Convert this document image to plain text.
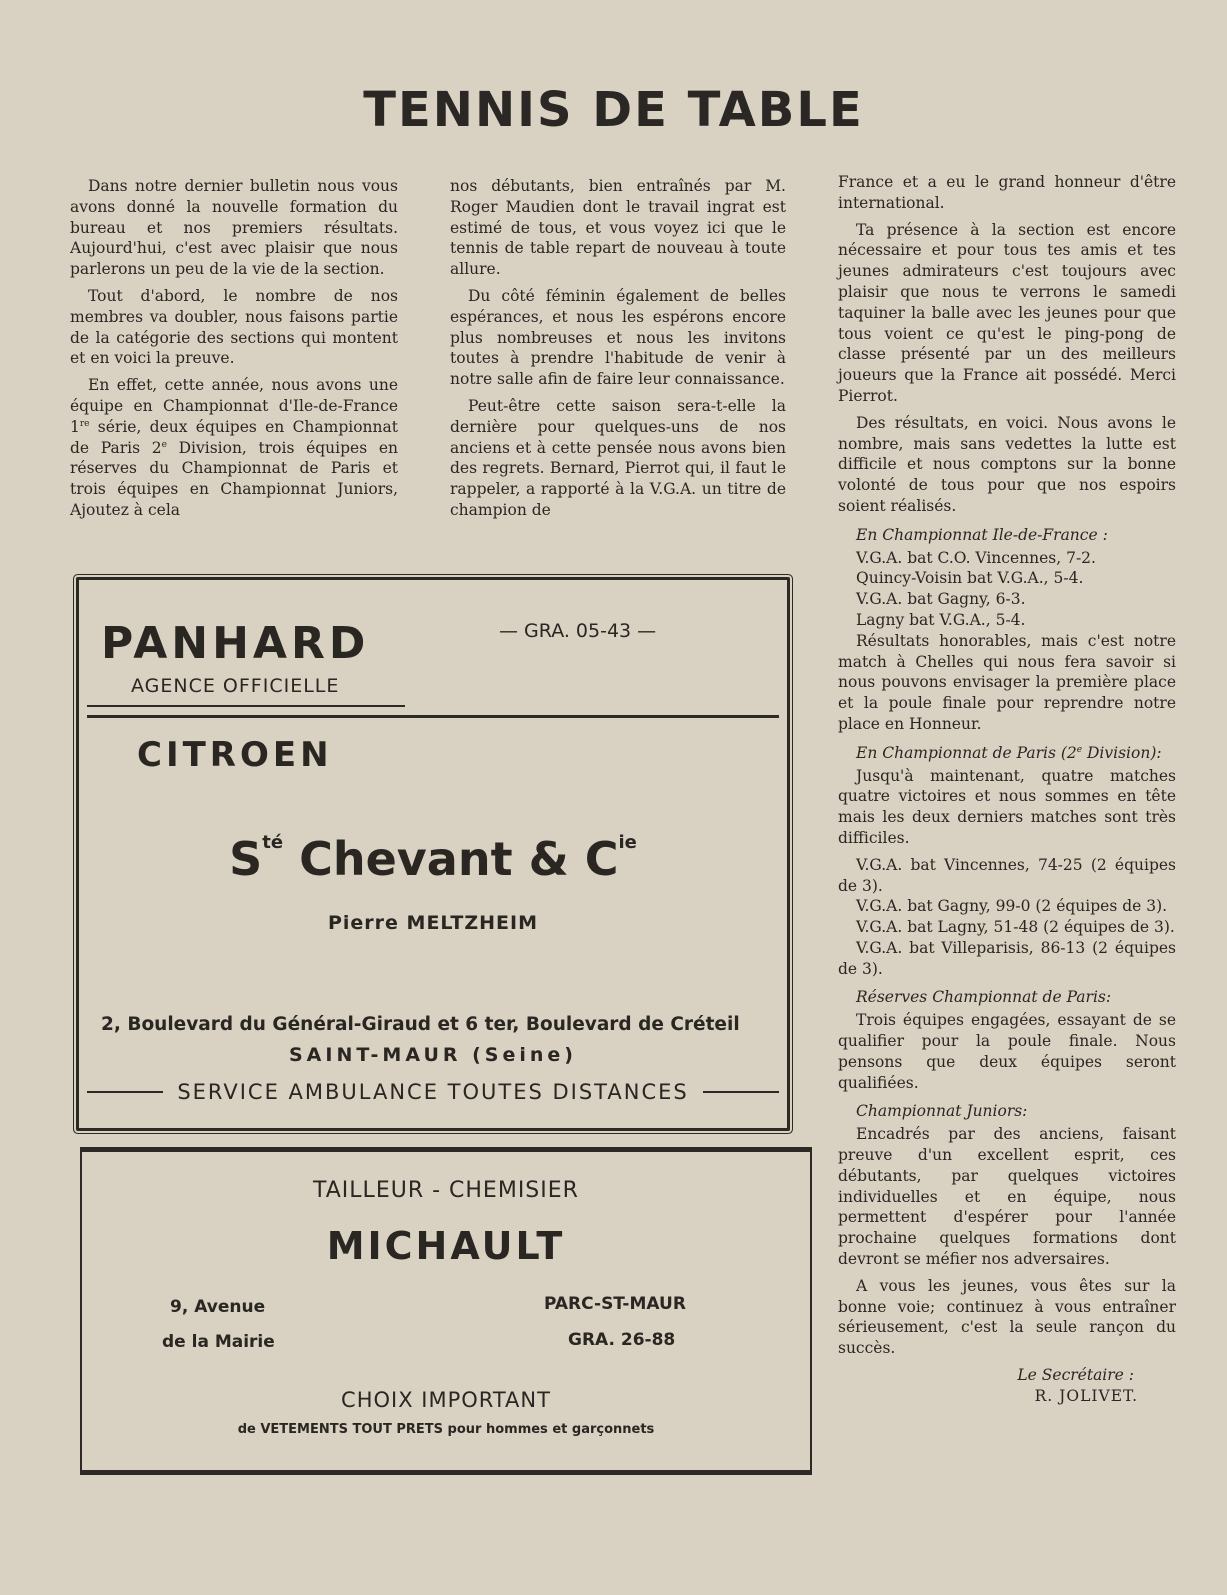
TENNIS DE TABLE

Dans notre dernier bulletin nous vous avons donné la nouvelle formation du bureau et nos premiers résultats. Aujourd'hui, c'est avec plaisir que nous parlerons un peu de la vie de la section.

Tout d'abord, le nombre de nos membres va doubler, nous faisons partie de la catégorie des sections qui montent et en voici la preuve.

En effet, cette année, nous avons une équipe en Championnat d'Ile-de-France 1re série, deux équipes en Championnat de Paris 2e Division, trois équipes en réserves du Championnat de Paris et trois équipes en Championnat Juniors, Ajoutez à cela

nos débutants, bien entraînés par M. Roger Maudien dont le travail ingrat est estimé de tous, et vous voyez ici que le tennis de table repart de nouveau à toute allure.

Du côté féminin également de belles espérances, et nous les espérons encore plus nombreuses et nous les invitons toutes à prendre l'habitude de venir à notre salle afin de faire leur connaissance.

Peut-être cette saison sera-t-elle la dernière pour quelques-uns de nos anciens et à cette pensée nous avons bien des regrets. Bernard, Pierrot qui, il faut le rappeler, a rapporté à la V.G.A. un titre de champion de

France et a eu le grand honneur d'être international.

Ta présence à la section est encore nécessaire et pour tous tes amis et tes jeunes admirateurs c'est toujours avec plaisir que nous te verrons le samedi taquiner la balle avec les jeunes pour que tous voient ce qu'est le ping-pong de classe présenté par un des meilleurs joueurs que la France ait possédé. Merci Pierrot.

Des résultats, en voici. Nous avons le nombre, mais sans vedettes la lutte est difficile et nous comptons sur la bonne volonté de tous pour que nos espoirs soient réalisés.

En Championnat Ile-de-France :
V.G.A. bat C.O. Vincennes, 7-2.
Quincy-Voisin bat V.G.A., 5-4.
V.G.A. bat Gagny, 6-3.
Lagny bat V.G.A., 5-4.

Résultats honorables, mais c'est notre match à Chelles qui nous fera savoir si nous pouvons envisager la première place et la poule finale pour reprendre notre place en Honneur.

En Championnat de Paris (2e Division):

Jusqu'à maintenant, quatre matches quatre victoires et nous sommes en tête mais les deux derniers matches sont très difficiles.

V.G.A. bat Vincennes, 74-25 (2 équipes de 3).

V.G.A. bat Gagny, 99-0 (2 équipes de 3).

V.G.A. bat Lagny, 51-48 (2 équipes de 3).

V.G.A. bat Villeparisis, 86-13 (2 équipes de 3).

Réserves Championnat de Paris:

Trois équipes engagées, essayant de se qualifier pour la poule finale. Nous pensons que deux équipes seront qualifiées.

Championnat Juniors:

Encadrés par des anciens, faisant preuve d'un excellent esprit, ces débutants, par quelques victoires individuelles et en équipe, nous permettent d'espérer pour l'année prochaine quelques formations dont devront se méfier nos adversaires.

A vous les jeunes, vous êtes sur la bonne voie; continuez à vous entraîner sérieusement, c'est la seule rançon du succès.

Le Secrétaire :
R. JOLIVET.
PANHARD
AGENCE OFFICIELLE
— GRA. 05-43 —
CITROEN
$S^{té}$ Chevant & $C^{ie}$
Pierre MELTZHEIM
2, Boulevard du Général-Giraud et 6 ter, Boulevard de Créteil
SAINT-MAUR (Seine)
SERVICE AMBULANCE TOUTES DISTANCES
TAILLEUR - CHEMISIER
MICHAULT
9, Avenue
de la Mairie
PARC-ST-MAUR
GRA. 26-88
CHOIX IMPORTANT
de VETEMENTS TOUT PRETS pour hommes et garçonnets
